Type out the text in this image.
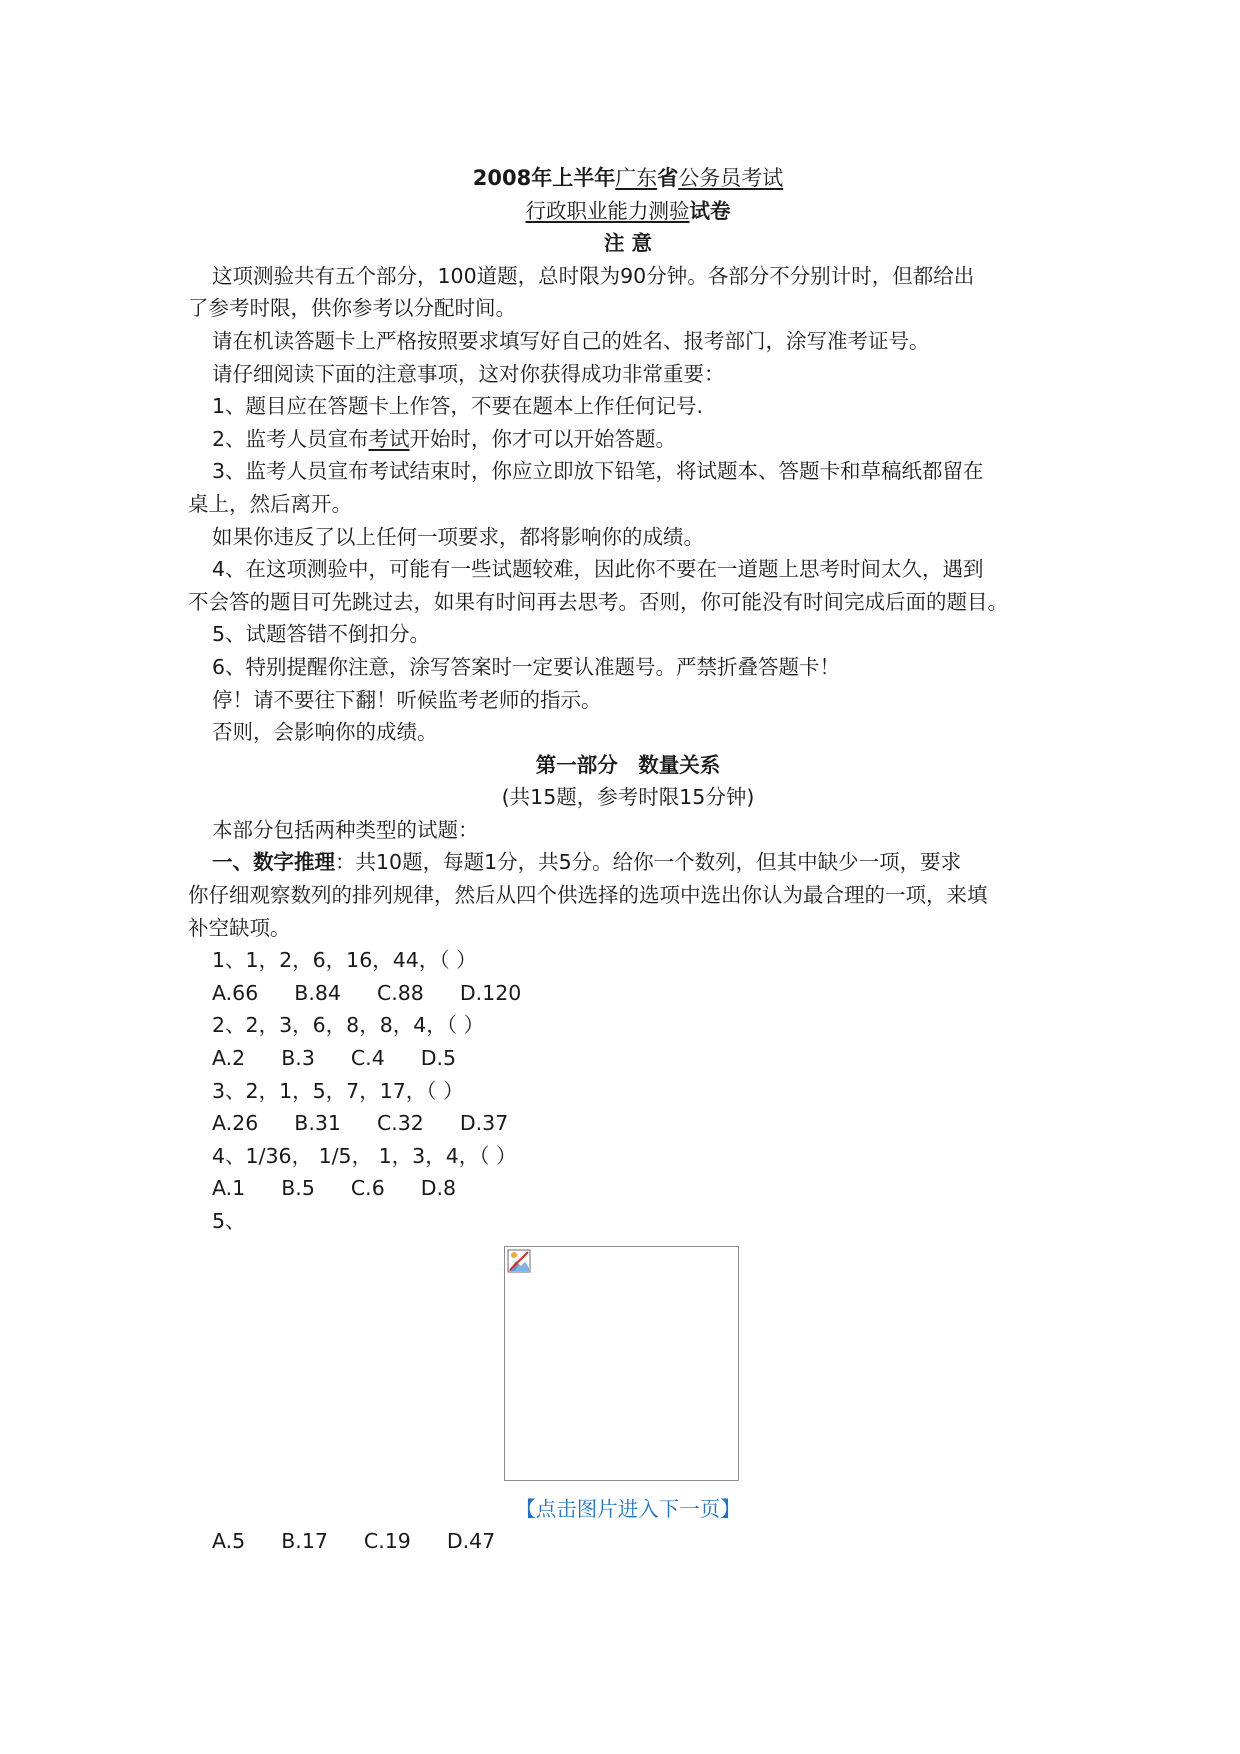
2008年上半年广东省公务员考试
行政职业能力测验试卷
注 意
这项测验共有五个部分，100道题，总时限为90分钟。各部分不分别计时，但都给出
了参考时限，供你参考以分配时间。
请在机读答题卡上严格按照要求填写好自己的姓名、报考部门，涂写准考证号。
请仔细阅读下面的注意事项，这对你获得成功非常重要：
1、题目应在答题卡上作答，不要在题本上作任何记号.
2、监考人员宣布考试开始时，你才可以开始答题。
3、监考人员宣布考试结束时，你应立即放下铅笔，将试题本、答题卡和草稿纸都留在
桌上，然后离开。
如果你违反了以上任何一项要求，都将影响你的成绩。
4、在这项测验中，可能有一些试题较难，因此你不要在一道题上思考时间太久，遇到
不会答的题目可先跳过去，如果有时间再去思考。否则，你可能没有时间完成后面的题目。
5、试题答错不倒扣分。
6、特别提醒你注意，涂写答案时一定要认准题号。严禁折叠答题卡！
停！请不要往下翻！听候监考老师的指示。
否则，会影响你的成绩。
第一部分　数量关系
(共15题，参考时限15分钟)
本部分包括两种类型的试题：
一、数字推理：共10题，每题1分，共5分。给你一个数列，但其中缺少一项，要求
你仔细观察数列的排列规律，然后从四个供选择的选项中选出你认为最合理的一项，来填
补空缺项。
1、1，2，6，16，44，（ ）
A.66 B.84 C.88 D.120
2、2，3，6，8，8，4，（ ）
A.2 B.3 C.4 D.5
3、2，1，5，7，17，（ ）
A.26 B.31 C.32 D.37
4、1/36， 1/5， 1，3，4，（ ）
A.1 B.5 C.6 D.8
5、
【点击图片进入下一页】
A.5 B.17 C.19 D.47
